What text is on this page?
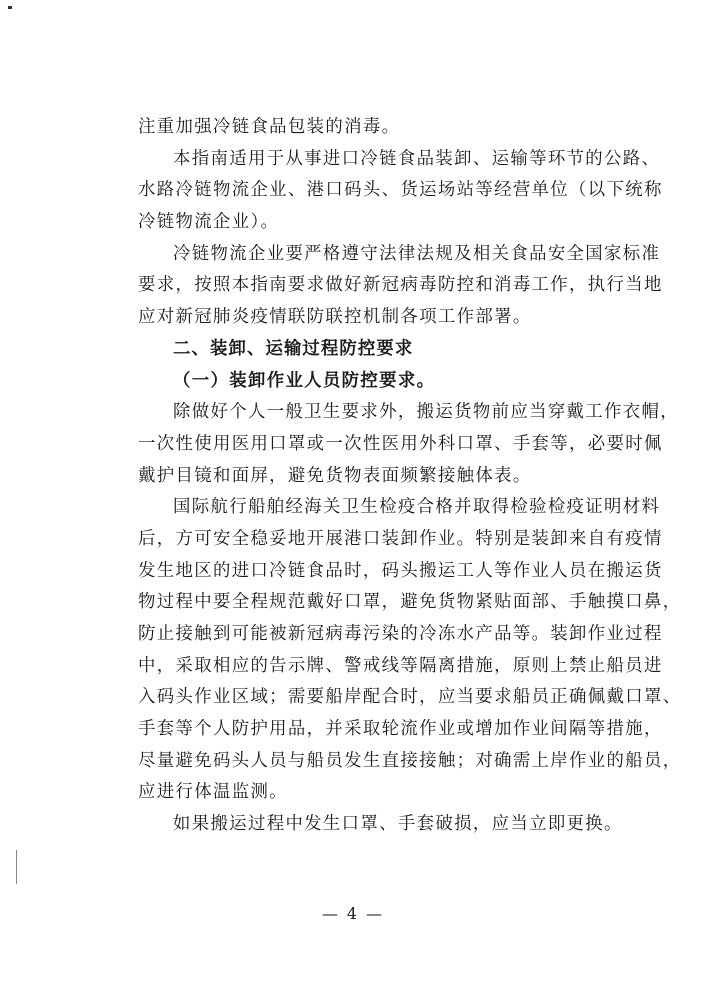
注重加强冷链食品包装的消毒。
本指南适用于从事进口冷链食品装卸、运输等环节的公路、
水路冷链物流企业、港口码头、货运场站等经营单位（以下统称
冷链物流企业）。
冷链物流企业要严格遵守法律法规及相关食品安全国家标准
要求，按照本指南要求做好新冠病毒防控和消毒工作，执行当地
应对新冠肺炎疫情联防联控机制各项工作部署。
二、装卸、运输过程防控要求
（一）装卸作业人员防控要求。
除做好个人一般卫生要求外，搬运货物前应当穿戴工作衣帽，
一次性使用医用口罩或一次性医用外科口罩、手套等，必要时佩
戴护目镜和面屏，避免货物表面频繁接触体表。
国际航行船舶经海关卫生检疫合格并取得检验检疫证明材料
后，方可安全稳妥地开展港口装卸作业。特别是装卸来自有疫情
发生地区的进口冷链食品时，码头搬运工人等作业人员在搬运货
物过程中要全程规范戴好口罩，避免货物紧贴面部、手触摸口鼻，
防止接触到可能被新冠病毒污染的冷冻水产品等。装卸作业过程
中，采取相应的告示牌、警戒线等隔离措施，原则上禁止船员进
入码头作业区域；需要船岸配合时，应当要求船员正确佩戴口罩、
手套等个人防护用品，并采取轮流作业或增加作业间隔等措施，
尽量避免码头人员与船员发生直接接触；对确需上岸作业的船员，
应进行体温监测。
如果搬运过程中发生口罩、手套破损，应当立即更换。
— 4 —
